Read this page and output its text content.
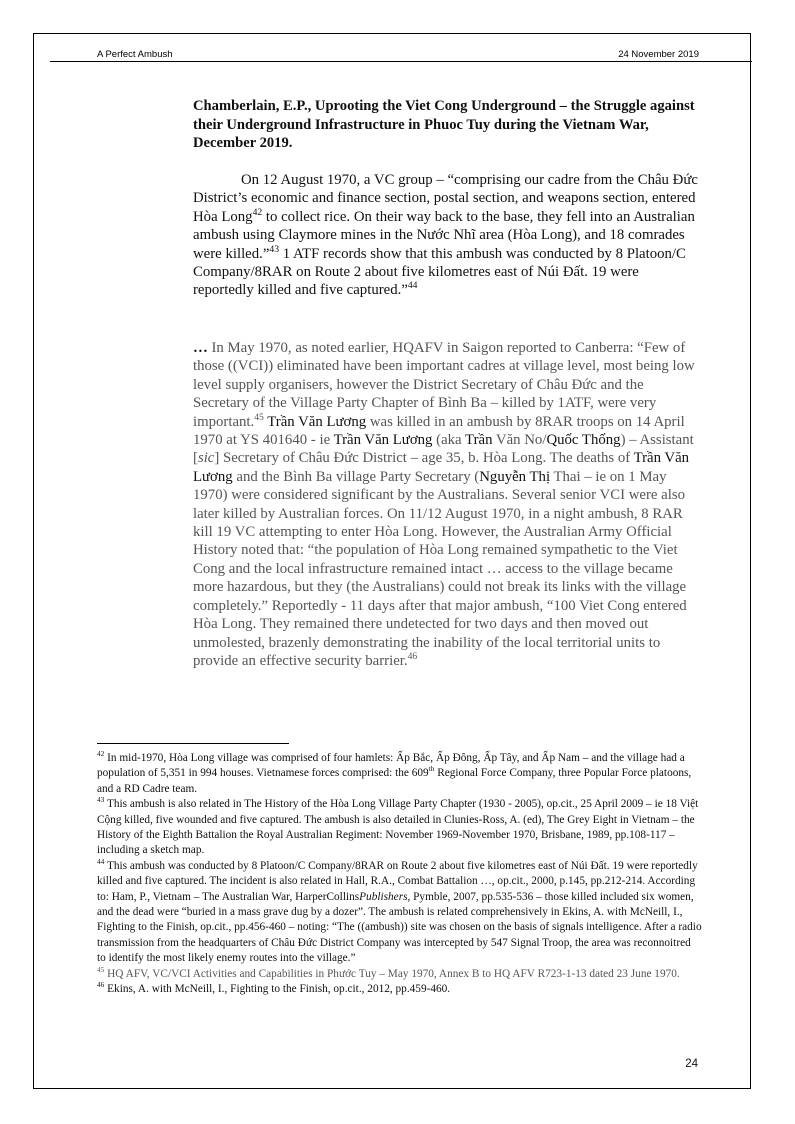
A Perfect Ambush	24 November 2019

Chamberlain, E.P., Uprooting the Viet Cong Underground – the Struggle against their Underground Infrastructure in Phuoc Tuy during the Vietnam War, December 2019.

On 12 August 1970, a VC group – “comprising our cadre from the Châu Đức District’s economic and finance section, postal section, and weapons section, entered Hòa Long$^{42}$ to collect rice. On their way back to the base, they fell into an Australian ambush using Claymore mines in the Nước Nhĩ area (Hòa Long), and 18 comrades were killed.”$^{43}$ 1 ATF records show that this ambush was conducted by 8 Platoon/C Company/8RAR on Route 2 about five kilometres east of Núi Đất. 19 were reportedly killed and five captured.”$^{44}$

… In May 1970, as noted earlier, HQAFV in Saigon reported to Canberra: “Few of those ((VCI)) eliminated have been important cadres at village level, most being low level supply organisers, however the District Secretary of Châu Đức and the Secretary of the Village Party Chapter of Bình Ba – killed by 1ATF, were very important.$^{45}$ Trần Văn Lương was killed in an ambush by 8RAR troops on 14 April 1970 at YS 401640 - ie Trần Văn Lương (aka Trần Văn No/Quốc Thống) – Assistant [sic] Secretary of Châu Đức District – age 35, b. Hòa Long. The deaths of Trần Văn Lương and the Bình Ba village Party Secretary (Nguyễn Thị Thai – ie on 1 May 1970) were considered significant by the Australians. Several senior VCI were also later killed by Australian forces. On 11/12 August 1970, in a night ambush, 8 RAR kill 19 VC attempting to enter Hòa Long. However, the Australian Army Official History noted that: “the population of Hòa Long remained sympathetic to the Viet Cong and the local infrastructure remained intact … access to the village became more hazardous, but they (the Australians) could not break its links with the village completely.” Reportedly - 11 days after that major ambush, “100 Viet Cong entered Hòa Long. They remained there undetected for two days and then moved out unmolested, brazenly demonstrating the inability of the local territorial units to provide an effective security barrier.$^{46}$

$^{42}$ In mid-1970, Hòa Long village was comprised of four hamlets: Ấp Bắc, Ấp Đông, Ấp Tây, and Ấp Nam – and the village had a population of 5,351 in 994 houses. Vietnamese forces comprised: the 609th Regional Force Company, three Popular Force platoons, and a RD Cadre team.

$^{43}$ This ambush is also related in The History of the Hòa Long Village Party Chapter (1930 - 2005), op.cit., 25 April 2009 – ie 18 Việt Cộng killed, five wounded and five captured. The ambush is also detailed in Clunies-Ross, A. (ed), The Grey Eight in Vietnam – the History of the Eighth Battalion the Royal Australian Regiment: November 1969-November 1970, Brisbane, 1989, pp.108-117 – including a sketch map.

$^{44}$ This ambush was conducted by 8 Platoon/C Company/8RAR on Route 2 about five kilometres east of Núi Đất. 19 were reportedly killed and five captured. The incident is also related in Hall, R.A., Combat Battalion …, op.cit., 2000, p.145, pp.212-214. According to: Ham, P., Vietnam – The Australian War, HarperCollinsPublishers, Pymble, 2007, pp.535-536 – those killed included six women, and the dead were “buried in a mass grave dug by a dozer”. The ambush is related comprehensively in Ekins, A. with McNeill, I., Fighting to the Finish, op.cit., pp.456-460 – noting: “The ((ambush)) site was chosen on the basis of signals intelligence. After a radio transmission from the headquarters of Châu Đức District Company was intercepted by 547 Signal Troop, the area was reconnoitred to identify the most likely enemy routes into the village.”

$^{45}$ HQ AFV, VC/VCI Activities and Capabilities in Phước Tuy – May 1970, Annex B to HQ AFV R723-1-13 dated 23 June 1970.

$^{46}$ Ekins, A. with McNeill, I., Fighting to the Finish, op.cit., 2012, pp.459-460.

24
